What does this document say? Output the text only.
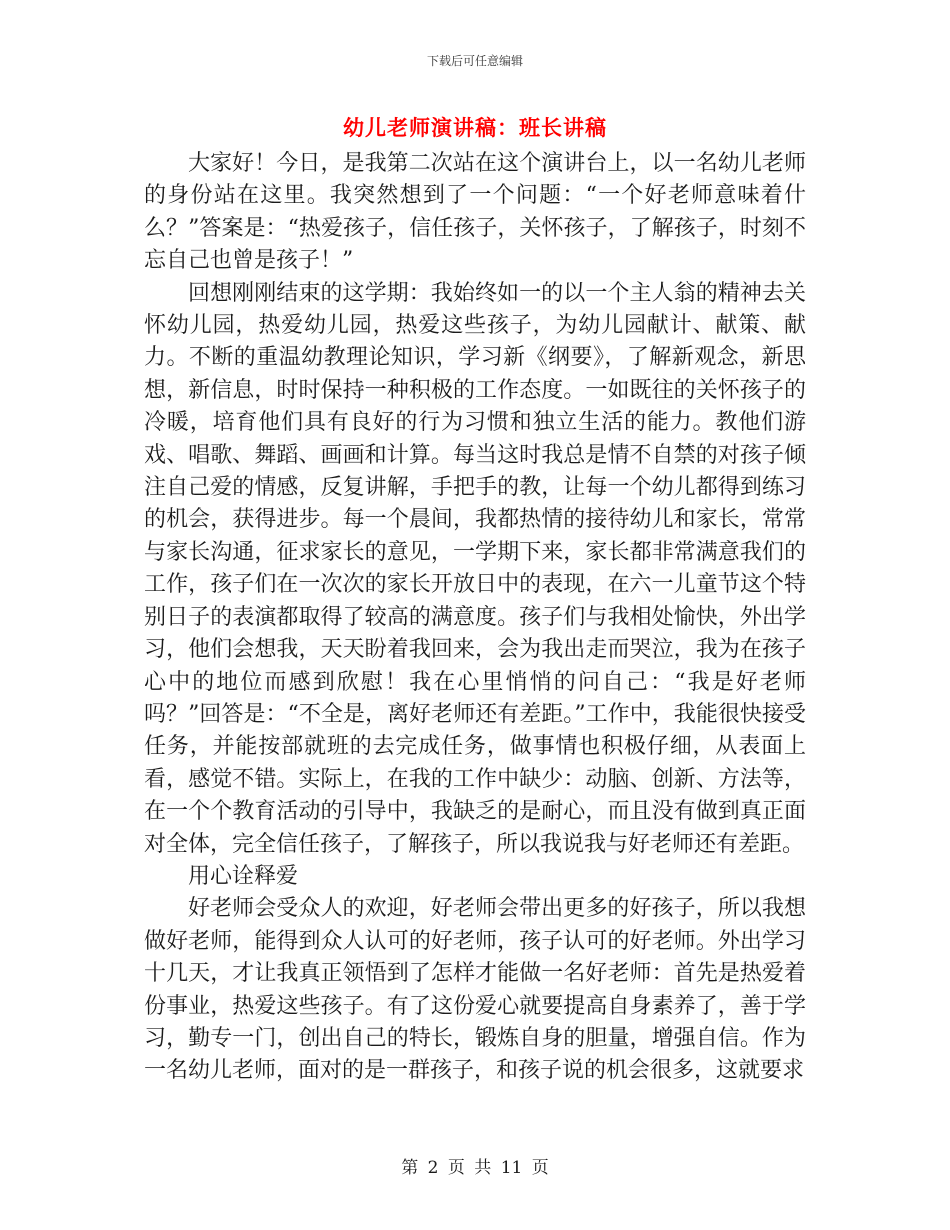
下载后可任意编辑
幼儿老师演讲稿：班长讲稿

大家好！今日，是我第二次站在这个演讲台上，以一名幼儿老师的身份站在这里。我突然想到了一个问题：“一个好老师意味着什么？”答案是：“热爱孩子，信任孩子，关怀孩子，了解孩子，时刻不忘自己也曾是孩子！”

回想刚刚结束的这学期：我始终如一的以一个主人翁的精神去关怀幼儿园，热爱幼儿园，热爱这些孩子，为幼儿园献计、献策、献力。不断的重温幼教理论知识，学习新《纲要》，了解新观念，新思想，新信息，时时保持一种积极的工作态度。一如既往的关怀孩子的冷暖，培育他们具有良好的行为习惯和独立生活的能力。教他们游戏、唱歌、舞蹈、画画和计算。每当这时我总是情不自禁的对孩子倾注自己爱的情感，反复讲解，手把手的教，让每一个幼儿都得到练习的机会，获得进步。每一个晨间，我都热情的接待幼儿和家长，常常与家长沟通，征求家长的意见，一学期下来，家长都非常满意我们的工作，孩子们在一次次的家长开放日中的表现，在六一儿童节这个特别日子的表演都取得了较高的满意度。孩子们与我相处愉快，外出学习，他们会想我，天天盼着我回来，会为我出走而哭泣，我为在孩子心中的地位而感到欣慰！我在心里悄悄的问自己：“我是好老师吗？”回答是：“不全是，离好老师还有差距。”工作中，我能很快接受任务，并能按部就班的去完成任务，做事情也积极仔细，从表面上看，感觉不错。实际上，在我的工作中缺少：动脑、创新、方法等，在一个个教育活动的引导中，我缺乏的是耐心，而且没有做到真正面对全体，完全信任孩子，了解孩子，所以我说我与好老师还有差距。

用心诠释爱

好老师会受众人的欢迎，好老师会带出更多的好孩子，所以我想做好老师，能得到众人认可的好老师，孩子认可的好老师。外出学习十几天，才让我真正领悟到了怎样才能做一名好老师：首先是热爱着份事业，热爱这些孩子。有了这份爱心就要提高自身素养了，善于学习，勤专一门，创出自己的特长，锻炼自身的胆量，增强自信。作为一名幼儿老师，面对的是一群孩子，和孩子说的机会很多，这就要求

第 2 页 共 11 页
